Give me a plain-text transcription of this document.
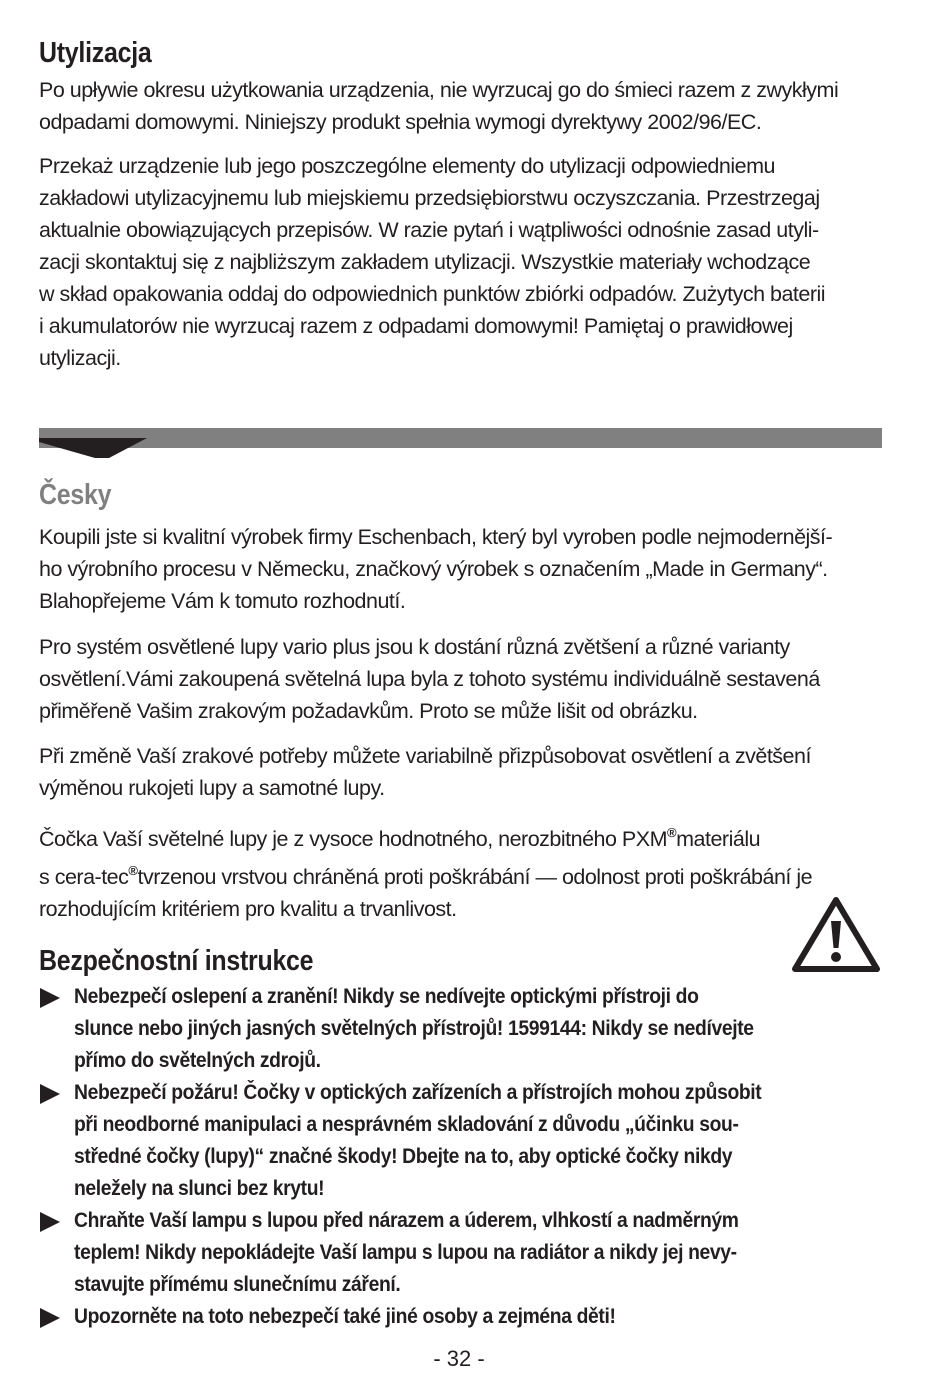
Utylizacja

Po upływie okresu użytkowania urządzenia, nie wyrzucaj go do śmieci razem z zwykłymi
odpadami domowymi. Niniejszy produkt spełnia wymogi dyrektywy 2002/96/EC.

Przekaż urządzenie lub jego poszczególne elementy do utylizacji odpowiedniemu
zakładowi utylizacyjnemu lub miejskiemu przedsiębiorstwu oczyszczania. Przestrzegaj
aktualnie obowiązujących przepisów. W razie pytań i wątpliwości odnośnie zasad utyli-
zacji skontaktuj się z najbliższym zakładem utylizacji. Wszystkie materiały wchodzące
w skład opakowania oddaj do odpowiednich punktów zbiórki odpadów. Zużytych baterii
i akumulatorów nie wyrzucaj razem z odpadami domowymi! Pamiętaj o prawidłowej
utylizacji.

Česky

Koupili jste si kvalitní výrobek firmy Eschenbach, který byl vyroben podle nejmodernější-
ho výrobního procesu v Německu, značkový výrobek s označením „Made in Germany“.
Blahopřejeme Vám k tomuto rozhodnutí.

Pro systém osvětlené lupy vario plus jsou k dostání různá zvětšení a různé varianty
osvětlení.Vámi zakoupená světelná lupa byla z tohoto systému individuálně sestavená
přiměřeně Vašim zrakovým požadavkům. Proto se může lišit od obrázku.

Při změně Vaší zrakové potřeby můžete variabilně přizpůsobovat osvětlení a zvětšení
výměnou rukojeti lupy a samotné lupy.

Čočka Vaší světelné lupy je z vysoce hodnotného, nerozbitného PXM®materiálu
s cera-tec®tvrzenou vrstvou chráněná proti poškrábání — odolnost proti poškrábání je
rozhodujícím kritériem pro kvalitu a trvanlivost.

Bezpečnostní instrukce
Nebezpečí oslepení a zranění! Nikdy se nedívejte optickými přístroji do
slunce nebo jiných jasných světelných přístrojů! 1599144: Nikdy se nedívejte
přímo do světelných zdrojů.
Nebezpečí požáru! Čočky v optických zařízeních a přístrojích mohou způsobit
při neodborné manipulaci a nesprávném skladování z důvodu „účinku sou-
středné čočky (lupy)“ značné škody! Dbejte na to, aby optické čočky nikdy
neležely na slunci bez krytu!
Chraňte Vaší lampu s lupou před nárazem a úderem, vlhkostí a nadměrným
teplem! Nikdy nepokládejte Vaší lampu s lupou na radiátor a nikdy jej nevy-
stavujte přímému slunečnímu záření.
Upozorněte na toto nebezpečí také jiné osoby a zejména děti!
- 32 -
